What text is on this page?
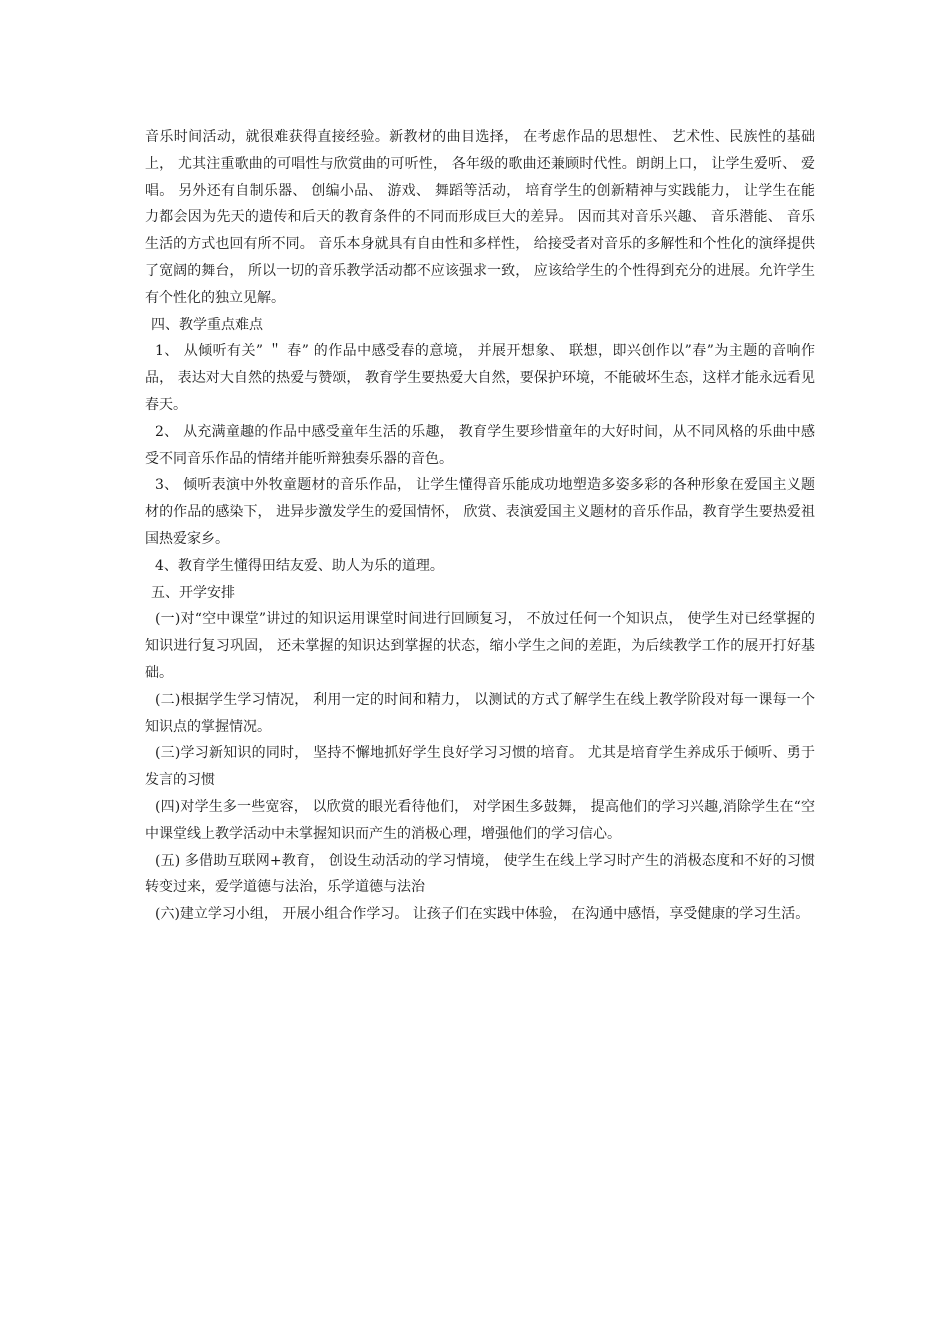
音乐时间活动，就很难获得直接经验。新教材的曲目选择， 在考虑作品的思想性、 艺术性、民族性的基础上， 尤其注重歌曲的可唱性与欣赏曲的可听性， 各年级的歌曲还兼顾时代性。朗朗上口， 让学生爱听、 爱唱。 另外还有自制乐器、 创编小品、 游戏、 舞蹈等活动， 培育学生的创新精神与实践能力， 让学生在能力都会因为先天的遗传和后天的教育条件的不同而形成巨大的差异。 因而其对音乐兴趣、 音乐潜能、 音乐生活的方式也回有所不同。 音乐本身就具有自由性和多样性， 给接受者对音乐的多解性和个性化的演绎提供了宽阔的舞台， 所以一切的音乐教学活动都不应该强求一致， 应该给学生的个性得到充分的进展。允许学生有个性化的独立见解。

四、教学重点难点

1、 从倾听有关” ＂ 春” 的作品中感受春的意境， 并展开想象、 联想，即兴创作以”春”为主题的音响作品， 表达对大自然的热爱与赞颂， 教育学生要热爱大自然，要保护环境，不能破坏生态，这样才能永远看见春天。

2、 从充满童趣的作品中感受童年生活的乐趣， 教育学生要珍惜童年的大好时间，从不同风格的乐曲中感受不同音乐作品的情绪并能听辩独奏乐器的音色。

3、 倾听表演中外牧童题材的音乐作品， 让学生懂得音乐能成功地塑造多姿多彩的各种形象在爱国主义题材的作品的感染下， 进异步激发学生的爱国情怀， 欣赏、表演爱国主义题材的音乐作品，教育学生要热爱祖国热爱家乡。

4、教育学生懂得田结友爱、助人为乐的道理。

五、开学安排

(一)对“空中课堂”讲过的知识运用课堂时间进行回顾复习， 不放过任何一个知识点， 使学生对已经掌握的知识进行复习巩固， 还未掌握的知识达到掌握的状态，缩小学生之间的差距，为后续教学工作的展开打好基础。

(二)根据学生学习情况， 利用一定的时间和精力， 以测试的方式了解学生在线上教学阶段对每一课每一个知识点的掌握情况。

(三)学习新知识的同时， 坚持不懈地抓好学生良好学习习惯的培育。 尤其是培育学生养成乐于倾听、勇于发言的习惯

(四)对学生多一些宽容， 以欣赏的眼光看待他们， 对学困生多鼓舞， 提高他们的学习兴趣,消除学生在“空中课堂线上教学活动中未掌握知识而产生的消极心理，增强他们的学习信心。

(五) 多借助互联网+教育， 创设生动活动的学习情境， 使学生在线上学习时产生的消极态度和不好的习惯转变过来，爱学道德与法治，乐学道德与法治

(六)建立学习小组， 开展小组合作学习。 让孩子们在实践中体验， 在沟通中感悟，享受健康的学习生活。
